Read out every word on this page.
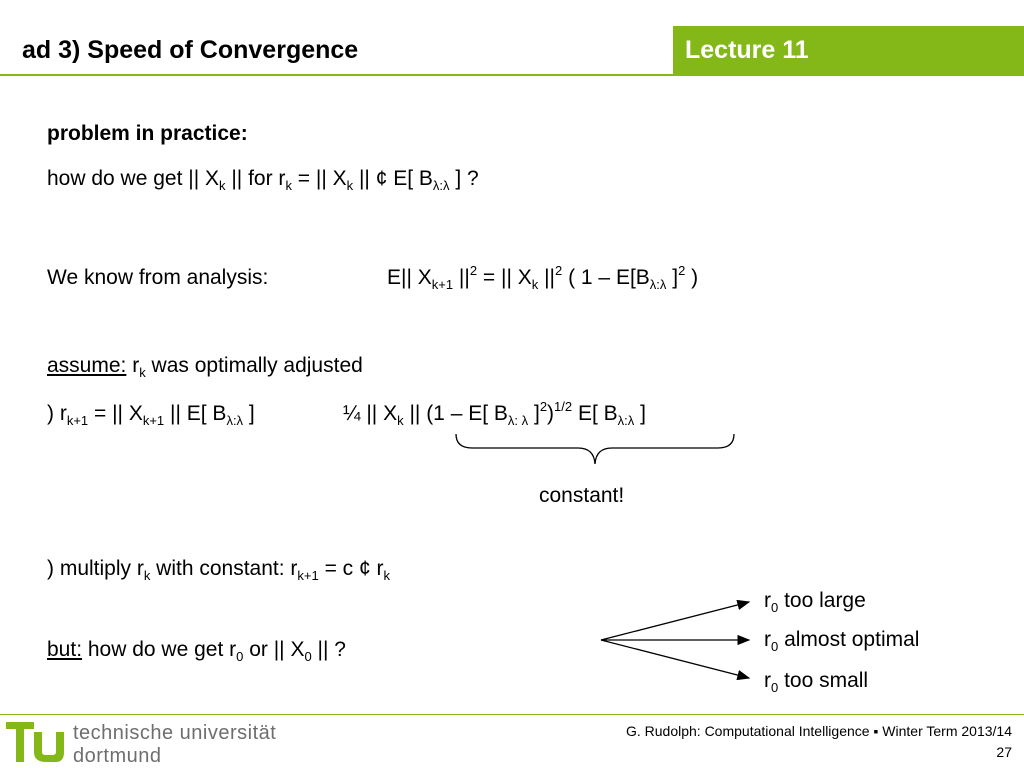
ad 3) Speed of Convergence	Lecture 11
problem in practice:
how do we get || $X_k$ || for $r_k$ = || $X_k$ || ¢ E[ $B_{\lambda:\lambda}$ ] ?
We know from analysis:	E|| $X_{k+1}$ $||^2$ = || $X_k$ $||^2$ ( $1 - E[B_{\lambda:\lambda}$ ]$^2$ )
assume: $r_k$ was optimally adjusted
) $r_{k+1}$ = || $X_{k+1}$ || E[ $B_{\lambda:\lambda}$ ]	¼ || $X_k$ || (1 – E[ $B_{\lambda: \lambda}$ ]$^2$)$^{1/2}$ E[ $B_{\lambda:\lambda}$ ]
constant!
) multiply $r_k$ with constant: $r_{k+1} = c$ ¢ $r_k$
but: how do we get $r_0$ or || $X_0$ || ?
$r_0$ too large
$r_0$ almost optimal
$r_0$ too small
tu
technische universität
dortmund
G. Rudolph: Computational Intelligence ▪ Winter Term 2013/14
27
